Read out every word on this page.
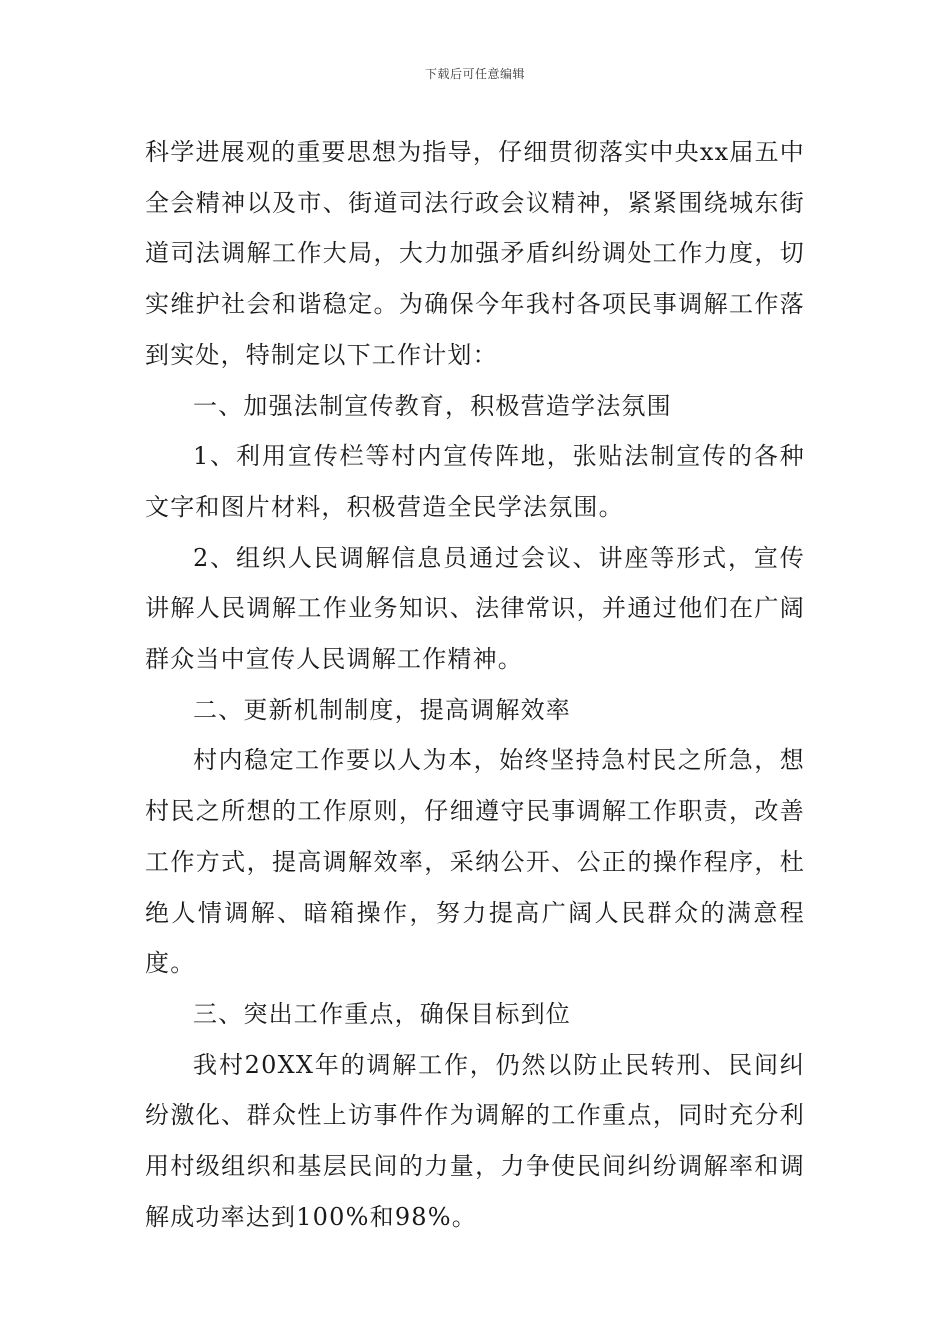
下载后可任意编辑

科学进展观的重要思想为指导，仔细贯彻落实中央xx届五中全会精神以及市、街道司法行政会议精神，紧紧围绕城东街道司法调解工作大局，大力加强矛盾纠纷调处工作力度，切实维护社会和谐稳定。为确保今年我村各项民事调解工作落到实处，特制定以下工作计划：

一、加强法制宣传教育，积极营造学法氛围

1、利用宣传栏等村内宣传阵地，张贴法制宣传的各种文字和图片材料，积极营造全民学法氛围。

2、组织人民调解信息员通过会议、讲座等形式，宣传讲解人民调解工作业务知识、法律常识，并通过他们在广阔群众当中宣传人民调解工作精神。

二、更新机制制度，提高调解效率

村内稳定工作要以人为本，始终坚持急村民之所急，想村民之所想的工作原则，仔细遵守民事调解工作职责，改善工作方式，提高调解效率，采纳公开、公正的操作程序，杜绝人情调解、暗箱操作，努力提高广阔人民群众的满意程度。

三、突出工作重点，确保目标到位

我村20XX年的调解工作，仍然以防止民转刑、民间纠纷激化、群众性上访事件作为调解的工作重点，同时充分利用村级组织和基层民间的力量，力争使民间纠纷调解率和调解成功率达到100%和98%。
